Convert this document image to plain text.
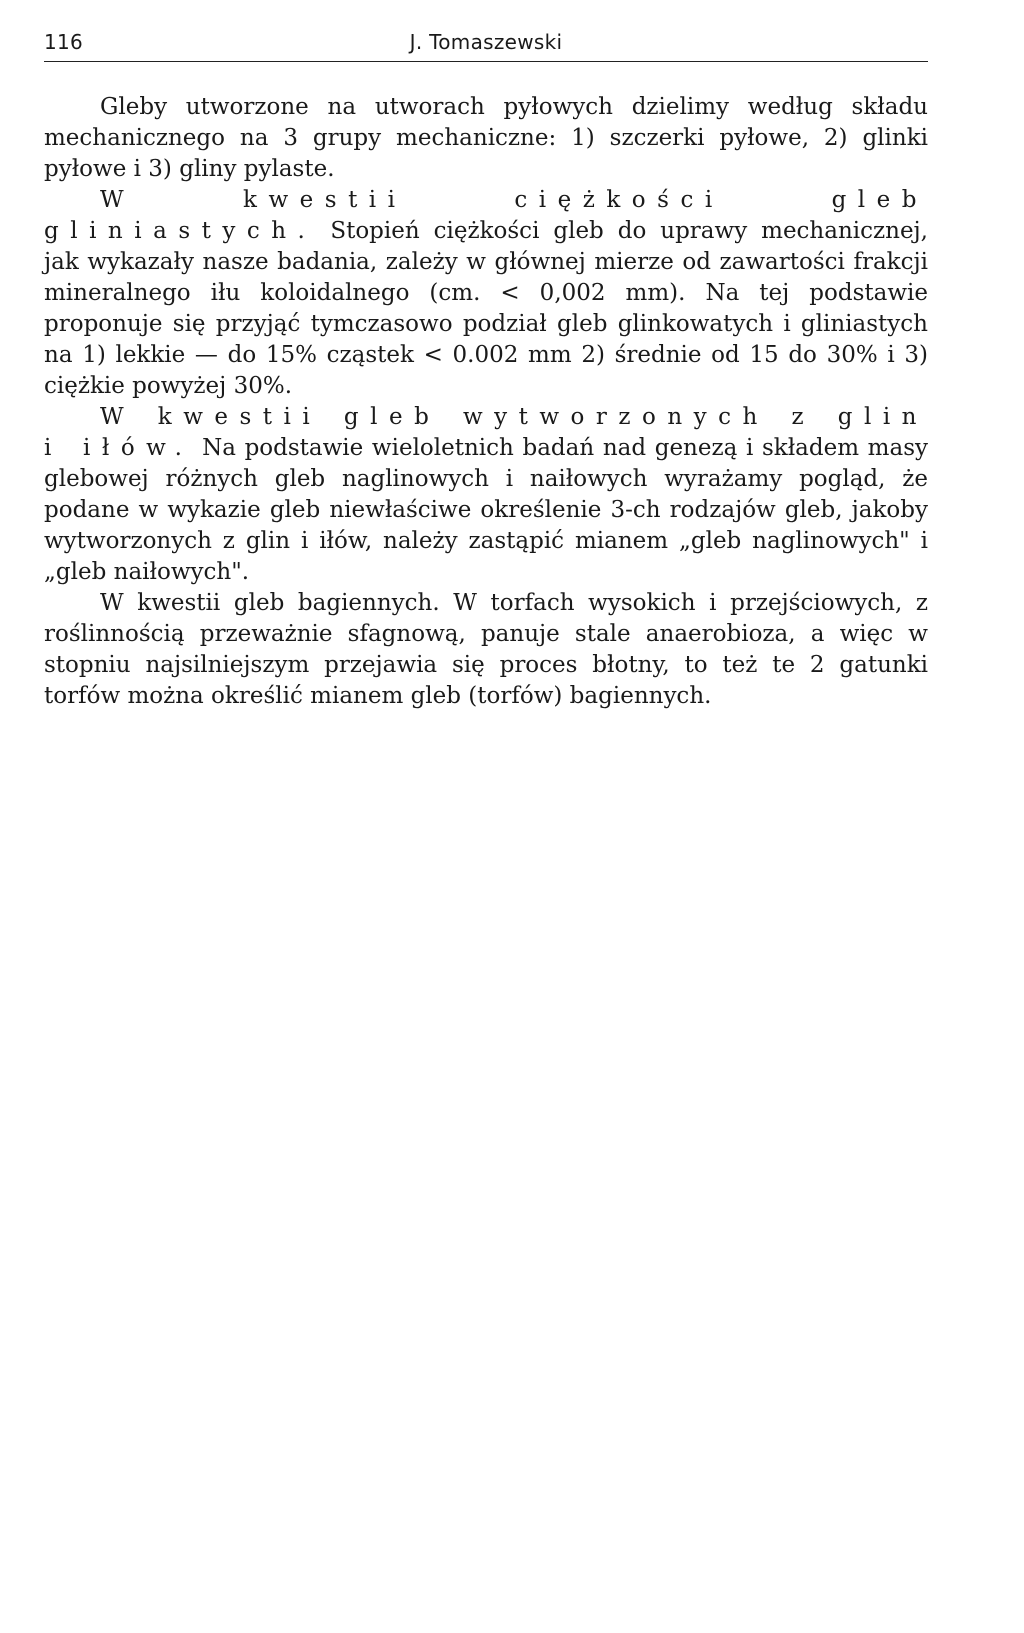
116	J. Tomaszewski

Gleby utworzone na utworach pyłowych dzielimy według składu mechanicznego na 3 grupy mechaniczne: 1) szczerki pyłowe, 2) glinki pyłowe i 3) gliny pylaste.

W kwestii ciężkości gleb gliniastych. Stopień ciężkości gleb do uprawy mechanicznej, jak wykazały nasze badania, zależy w głównej mierze od zawartości frakcji mineralnego iłu koloidalnego (cm. < 0,002 mm). Na tej podstawie proponuje się przyjąć tymczasowo podział gleb glinkowatych i gliniastych na 1) lekkie — do 15% cząstek < 0.002 mm 2) średnie od 15 do 30% i 3) ciężkie powyżej 30%.

W kwestii gleb wytworzonych z glin i iłów. Na podstawie wieloletnich badań nad genezą i składem masy glebowej różnych gleb naglinowych i naiłowych wyrażamy pogląd, że podane w wykazie gleb niewłaściwe określenie 3-ch rodzajów gleb, jakoby wytworzonych z glin i iłów, należy zastąpić mianem „gleb naglinowych" i „gleb naiłowych".

W kwestii gleb bagiennych. W torfach wysokich i przejściowych, z roślinnością przeważnie sfagnową, panuje stale anaerobioza, a więc w stopniu najsilniejszym przejawia się proces błotny, to też te 2 gatunki torfów można określić mianem gleb (torfów) bagiennych.
